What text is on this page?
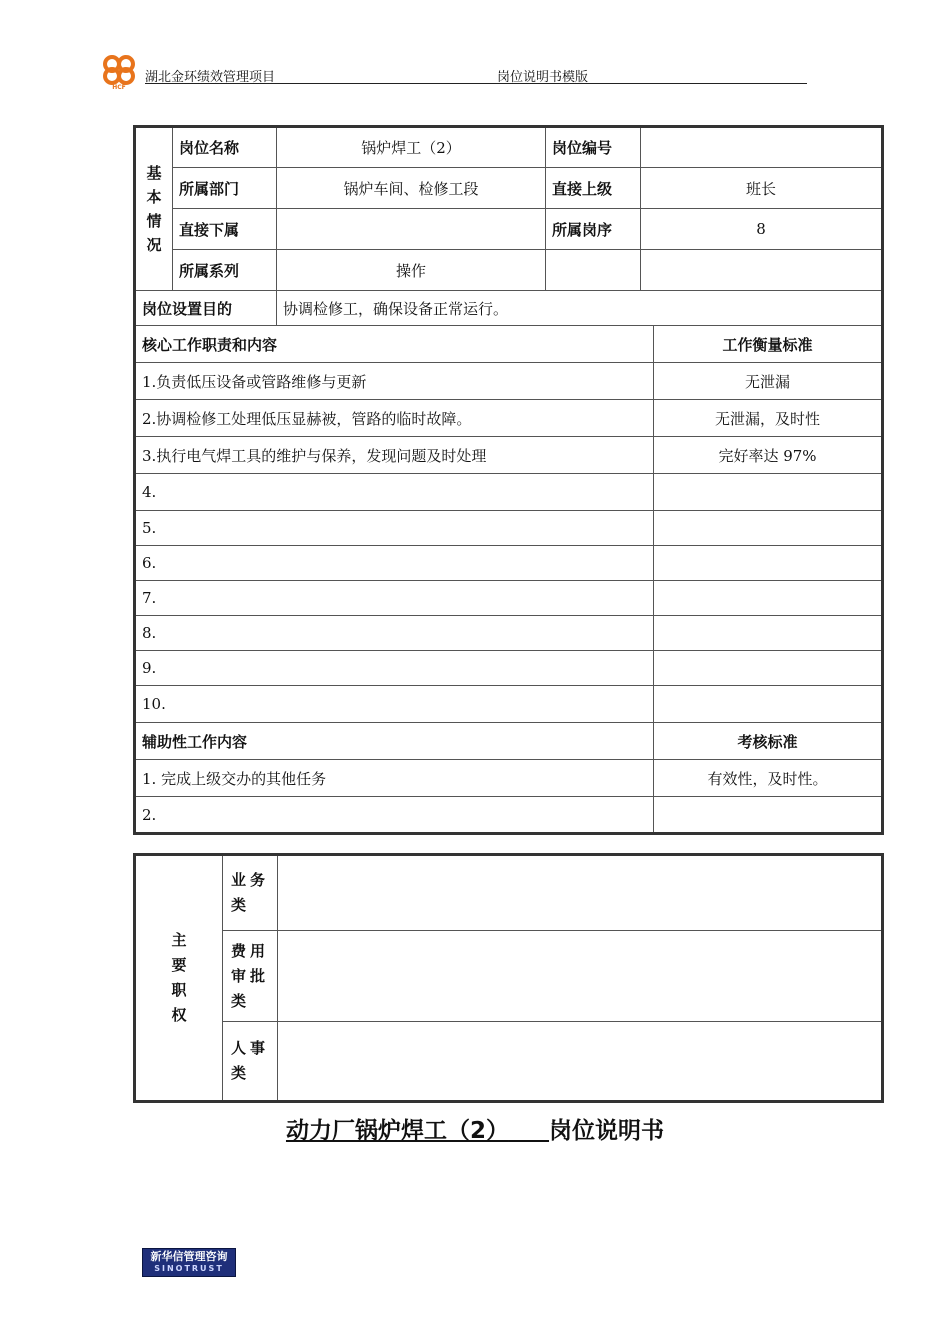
HCF
湖北金环绩效管理项目	岗位说明书模版
基
本
情
况	岗位名称	锅炉焊工（2）	岗位编号		
	所属部门	锅炉车间、检修工段	直接上级	班长	
	直接下属		所属岗序	8	
	所属系列	操作			
岗位设置目的		协调检修工，确保设备正常运行。			
核心工作职责和内容					工作衡量标准
1.负责低压设备或管路维修与更新					无泄漏
2.协调检修工处理低压显赫被，管路的临时故障。					无泄漏，及时性
3.执行电气焊工具的维护与保养，发现问题及时处理					完好率达 97%
4.					
5.					
6.					
7.					
8.					
9.					
10.					
辅助性工作内容					考核标准
1. 完成上级交办的其他任务					有效性，及时性。
2.					
主
要
职
权	业务类	
	费用审批类	
	人事类	
动力厂锅炉焊工（2） 岗位说明书
新华信管理咨询
SINOTRUST
